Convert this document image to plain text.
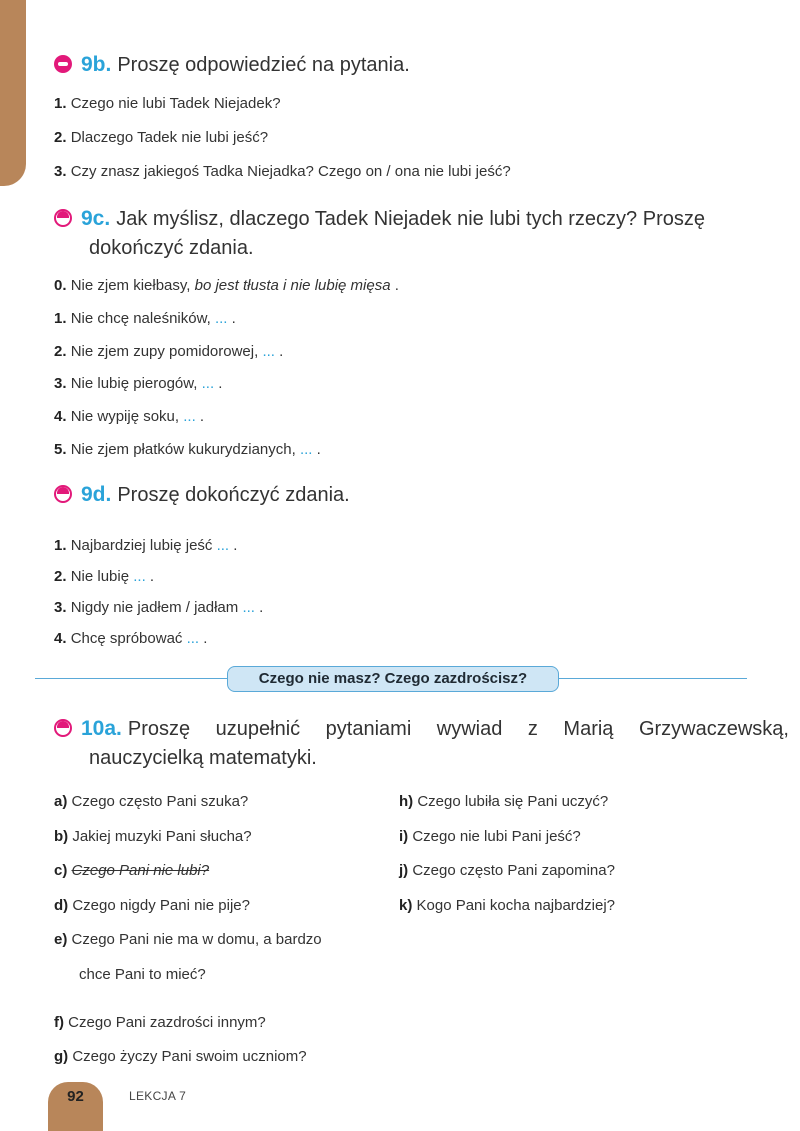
9b. Proszę odpowiedzieć na pytania.
1. Czego nie lubi Tadek Niejadek?
2. Dlaczego Tadek nie lubi jeść?
3. Czy znasz jakiegoś Tadka Niejadka? Czego on / ona nie lubi jeść?
9c. Jak myślisz, dlaczego Tadek Niejadek nie lubi tych rzeczy? Proszę dokończyć zdania.
0. Nie zjem kiełbasy, bo jest tłusta i nie lubię mięsa .
1. Nie chcę naleśników, ... .
2. Nie zjem zupy pomidorowej, ... .
3. Nie lubię pierogów, ... .
4. Nie wypiję soku, ... .
5. Nie zjem płatków kukurydzianych, ... .
9d. Proszę dokończyć zdania.
1. Najbardziej lubię jeść ... .
2. Nie lubię ... .
3. Nigdy nie jadłem / jadłam ... .
4. Chcę spróbować ... .
Czego nie masz? Czego zazdrościsz?
10a. Proszę uzupełnić pytaniami wywiad z Marią Grzywaczewską, nauczycielką matematyki.
a) Czego często Pani szuka?
b) Jakiej muzyki Pani słucha?
c) Czego Pani nie lubi?
d) Czego nigdy Pani nie pije?
e) Czego Pani nie ma w domu, a bardzo
chce Pani to mieć?
f) Czego Pani zazdrości innym?
g) Czego życzy Pani swoim uczniom?
h) Czego lubiła się Pani uczyć?
i) Czego nie lubi Pani jeść?
j) Czego często Pani zapomina?
k) Kogo Pani kocha najbardziej?
92	LEKCJA 7
